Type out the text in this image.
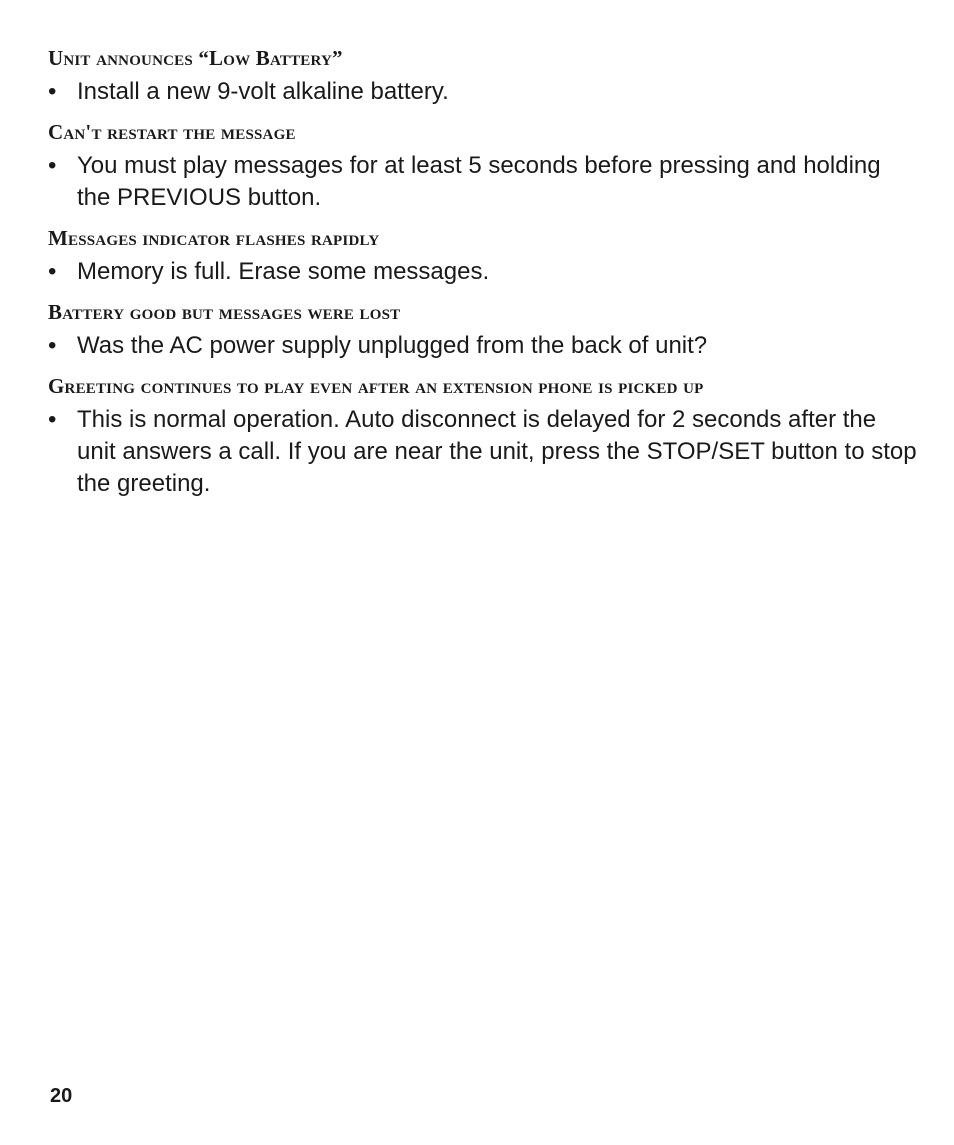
Unit announces “Low Battery”
• Install a new 9-volt alkaline battery.
Can't restart the message
• You must play messages for at least 5 seconds before pressing and holding the PREVIOUS button.
Messages indicator flashes rapidly
• Memory is full. Erase some messages.
Battery good but messages were lost
• Was the AC power supply unplugged from the back of unit?
Greeting continues to play even after an extension phone is picked up
• This is normal operation. Auto disconnect is delayed for 2 seconds after the unit answers a call. If you are near the unit, press the STOP/SET button to stop the greeting.
20
